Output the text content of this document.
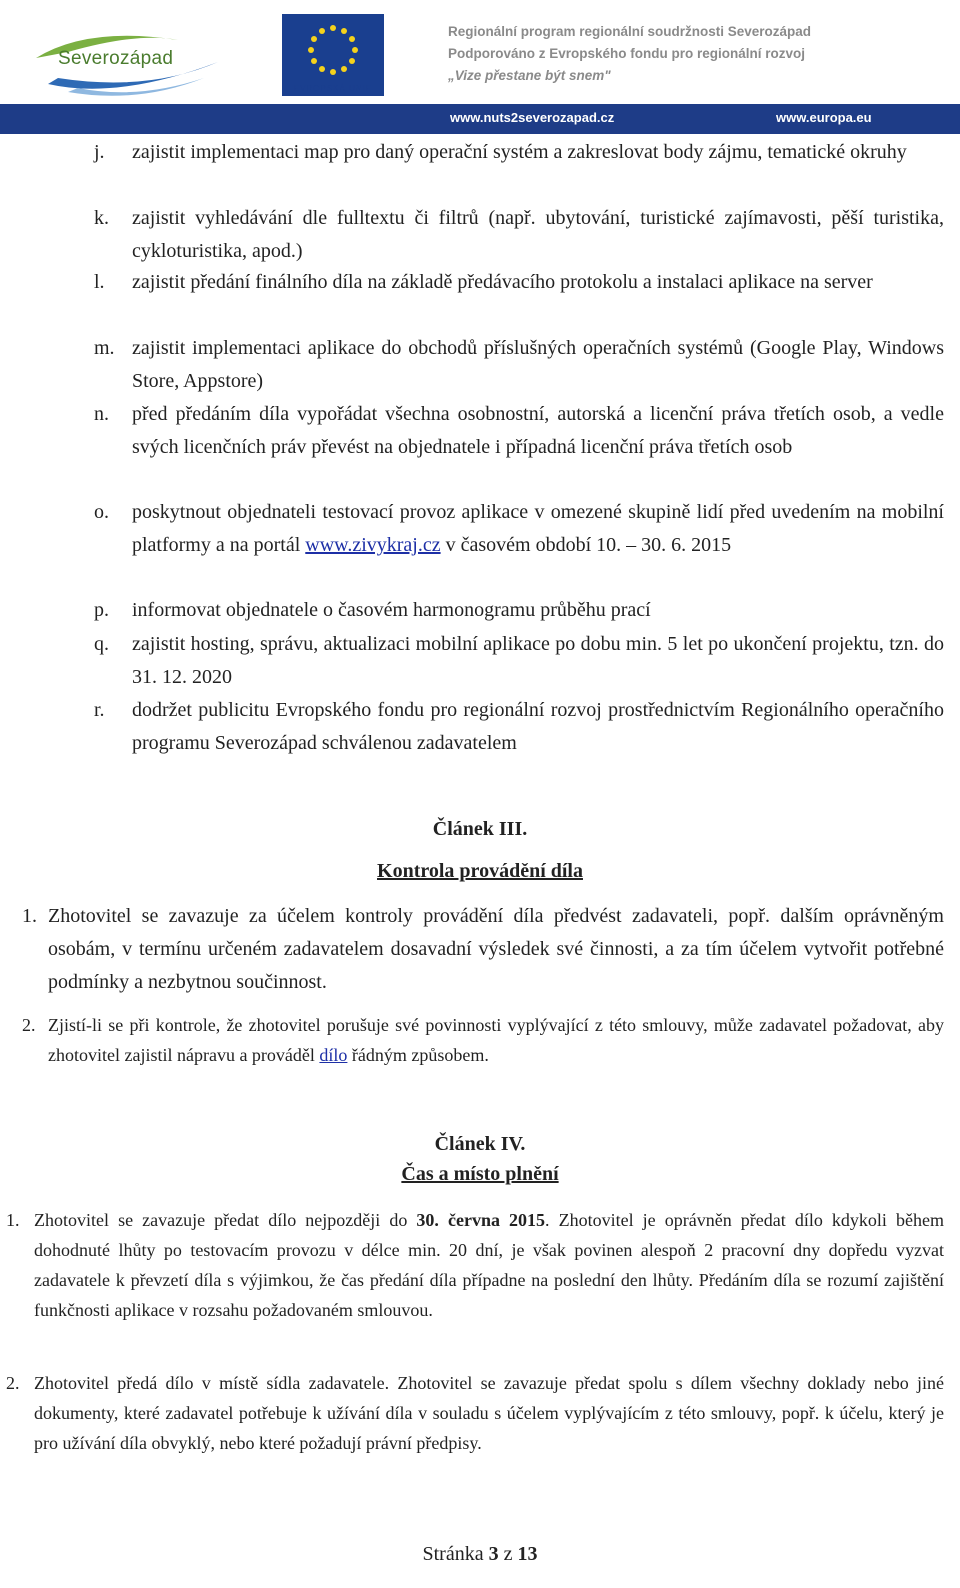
Severozápad
EVROPSKÁ UNIE
Regionální program regionální soudržnosti Severozápad
Podporováno z Evropského fondu pro regionální rozvoj
„Vize přestane být snem"
www.nuts2severozapad.cz	www.europa.eu
j. zajistit implementaci map pro daný operační systém a zakreslovat body zájmu, tematické okruhy
k. zajistit vyhledávání dle fulltextu či filtrů (např. ubytování, turistické zajímavosti, pěší turistika, cykloturistika, apod.)
l. zajistit předání finálního díla na základě předávacího protokolu a instalaci aplikace na server
m. zajistit implementaci aplikace do obchodů příslušných operačních systémů (Google Play, Windows Store, Appstore)
n. před předáním díla vypořádat všechna osobnostní, autorská a licenční práva třetích osob, a vedle svých licenčních práv převést na objednatele i případná licenční práva třetích osob
o. poskytnout objednateli testovací provoz aplikace v omezené skupině lidí před uvedením na mobilní platformy a na portál www.zivykraj.cz v časovém období 10. – 30. 6. 2015
p. informovat objednatele o časovém harmonogramu průběhu prací
q. zajistit hosting, správu, aktualizaci mobilní aplikace po dobu min. 5 let po ukončení projektu, tzn. do 31. 12. 2020
r. dodržet publicitu Evropského fondu pro regionální rozvoj prostřednictvím Regionálního operačního programu Severozápad schválenou zadavatelem
Článek III.
Kontrola provádění díla
1. Zhotovitel se zavazuje za účelem kontroly provádění díla předvést zadavateli, popř. dalším oprávněným osobám, v termínu určeném zadavatelem dosavadní výsledek své činnosti, a za tím účelem vytvořit potřebné podmínky a nezbytnou součinnost.
2. Zjistí-li se při kontrole, že zhotovitel porušuje své povinnosti vyplývající z této smlouvy, může zadavatel požadovat, aby zhotovitel zajistil nápravu a prováděl dílo řádným způsobem.
Článek IV.
Čas a místo plnění
1. Zhotovitel se zavazuje předat dílo nejpozději do 30. června 2015. Zhotovitel je oprávněn předat dílo kdykoli během dohodnuté lhůty po testovacím provozu v délce min. 20 dní, je však povinen alespoň 2 pracovní dny dopředu vyzvat zadavatele k převzetí díla s výjimkou, že čas předání díla případne na poslední den lhůty. Předáním díla se rozumí zajištění funkčnosti aplikace v rozsahu požadovaném smlouvou.
2. Zhotovitel předá dílo v místě sídla zadavatele. Zhotovitel se zavazuje předat spolu s dílem všechny doklady nebo jiné dokumenty, které zadavatel potřebuje k užívání díla v souladu s účelem vyplývajícím z této smlouvy, popř. k účelu, který je pro užívání díla obvyklý, nebo které požadují právní předpisy.
Stránka 3 z 13
